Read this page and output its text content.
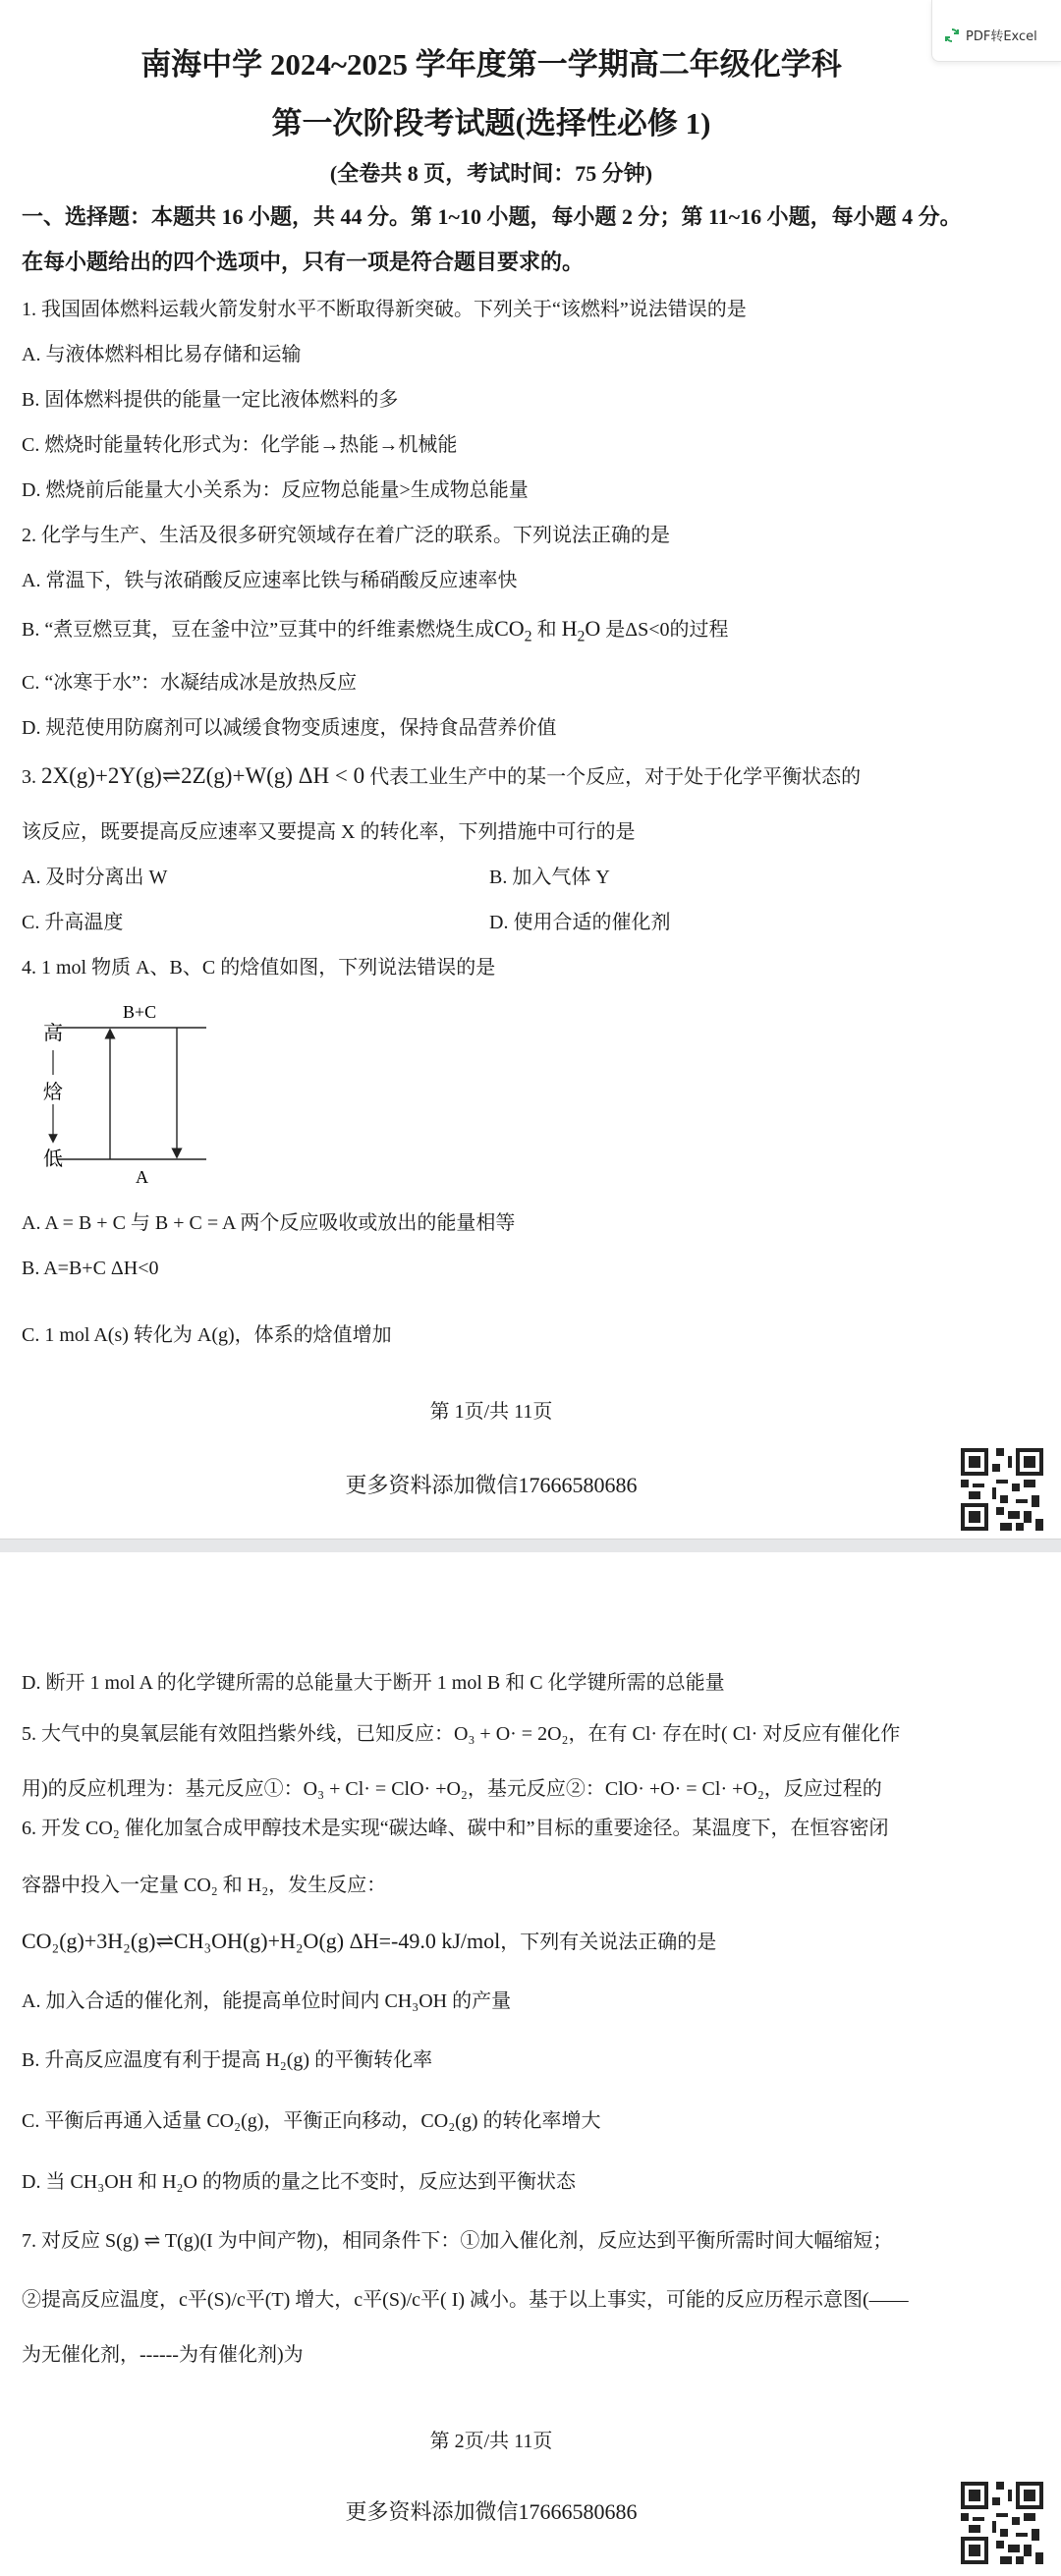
南海中学 2024~2025 学年度第一学期高二年级化学科
第一次阶段考试题(选择性必修 1)
(全卷共 8 页，考试时间：75 分钟)
一、选择题：本题共 16 小题，共 44 分。第 1~10 小题，每小题 2 分；第 11~16 小题，每小题 4 分。在每小题给出的四个选项中，只有一项是符合题目要求的。
1. 我国固体燃料运载火箭发射水平不断取得新突破。下列关于“该燃料”说法错误的是
A. 与液体燃料相比易存储和运输
B. 固体燃料提供的能量一定比液体燃料的多
C. 燃烧时能量转化形式为：化学能→热能→机械能
D. 燃烧前后能量大小关系为：反应物总能量>生成物总能量
2. 化学与生产、生活及很多研究领域存在着广泛的联系。下列说法正确的是
A. 常温下，铁与浓硝酸反应速率比铁与稀硝酸反应速率快
B. “煮豆燃豆萁，豆在釜中泣”豆萁中的纤维素燃烧生成$CO_2$ 和 $H_2O$ 是ΔS<0的过程
C. “冰寒于水”：水凝结成冰是放热反应
D. 规范使用防腐剂可以减缓食物变质速度，保持食品营养价值
3. 2X(g)+2Y(g)⇌2Z(g)+W(g) ΔH < 0 代表工业生产中的某一个反应，对于处于化学平衡状态的
该反应，既要提高反应速率又要提高 X 的转化率，下列措施中可行的是
A. 及时分离出 W	B. 加入气体 Y
C. 升高温度	D. 使用合适的催化剂
4. 1 mol 物质 A、B、C 的焓值如图，下列说法错误的是
B+C
A
高
焓
低
A. A = B + C 与 B + C = A 两个反应吸收或放出的能量相等
B. A=B+C ΔH<0
C. 1 mol A(s) 转化为 A(g)，体系的焓值增加
第 1页/共 11页
更多资料添加微信17666580686
D. 断开 1 mol A 的化学键所需的总能量大于断开 1 mol B 和 C 化学键所需的总能量
5. 大气中的臭氧层能有效阻挡紫外线，已知反应：O₃ + O· = 2O₂，在有 Cl· 存在时( Cl· 对反应有催化作
用)的反应机理为：基元反应①：O₃ + Cl· = ClO· +O₂，基元反应②：ClO· +O· = Cl· +O₂，反应过程的
6. 开发 CO₂ 催化加氢合成甲醇技术是实现“碳达峰、碳中和”目标的重要途径。某温度下，在恒容密闭
容器中投入一定量 CO₂ 和 H₂，发生反应：
CO₂(g)+3H₂(g)⇌CH₃OH(g)+H₂O(g) ΔH=-49.0 kJ/mol，下列有关说法正确的是
A. 加入合适的催化剂，能提高单位时间内 CH₃OH 的产量
B. 升高反应温度有利于提高 H₂(g) 的平衡转化率
C. 平衡后再通入适量 CO₂(g)，平衡正向移动，CO₂(g) 的转化率增大
D. 当 CH₃OH 和 H₂O 的物质的量之比不变时，反应达到平衡状态
7. 对反应 S(g) ⇌ T(g)(I 为中间产物)，相同条件下：①加入催化剂，反应达到平衡所需时间大幅缩短；
②提高反应温度，c平(S)/c平(T) 增大，c平(S)/c平( I) 减小。基于以上事实，可能的反应历程示意图(——
为无催化剂，------为有催化剂)为
第 2页/共 11页
更多资料添加微信17666580686
PDF转Excel
